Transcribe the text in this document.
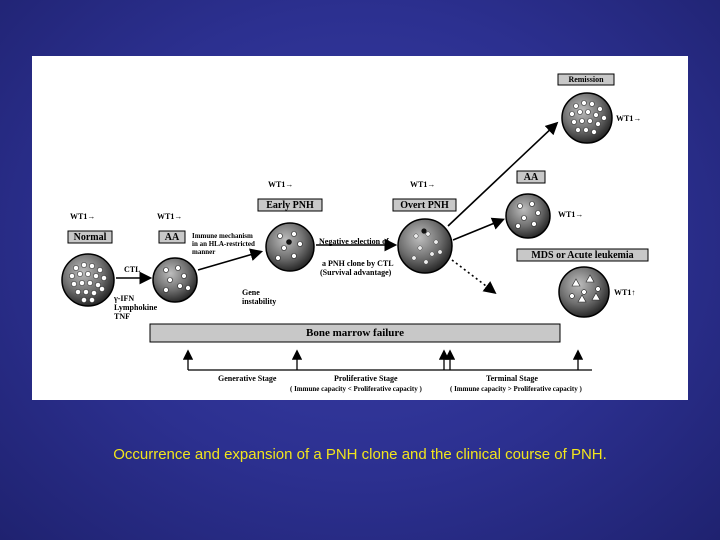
Normal	AA
Early PNH	Overt PNH
Remission
AA
MDS or Acute leukemia
Bone marrow failure
WT1→	WT1→
WT1→	WT1→
WT1→
WT1→
WT1↑
CTL
γ-IFN
Lymphokine
TNF
Immune mechanism
in an HLA-restricted
manner
Gene
instability
Negative selection of
a PNH clone by CTL
(Survival advantage)
Generative Stage	Proliferative Stage	Terminal Stage
( Immune capacity < Proliferative capacity )	( Immune capacity > Proliferative capacity )
Occurrence and expansion of a PNH clone and the clinical course of PNH.
